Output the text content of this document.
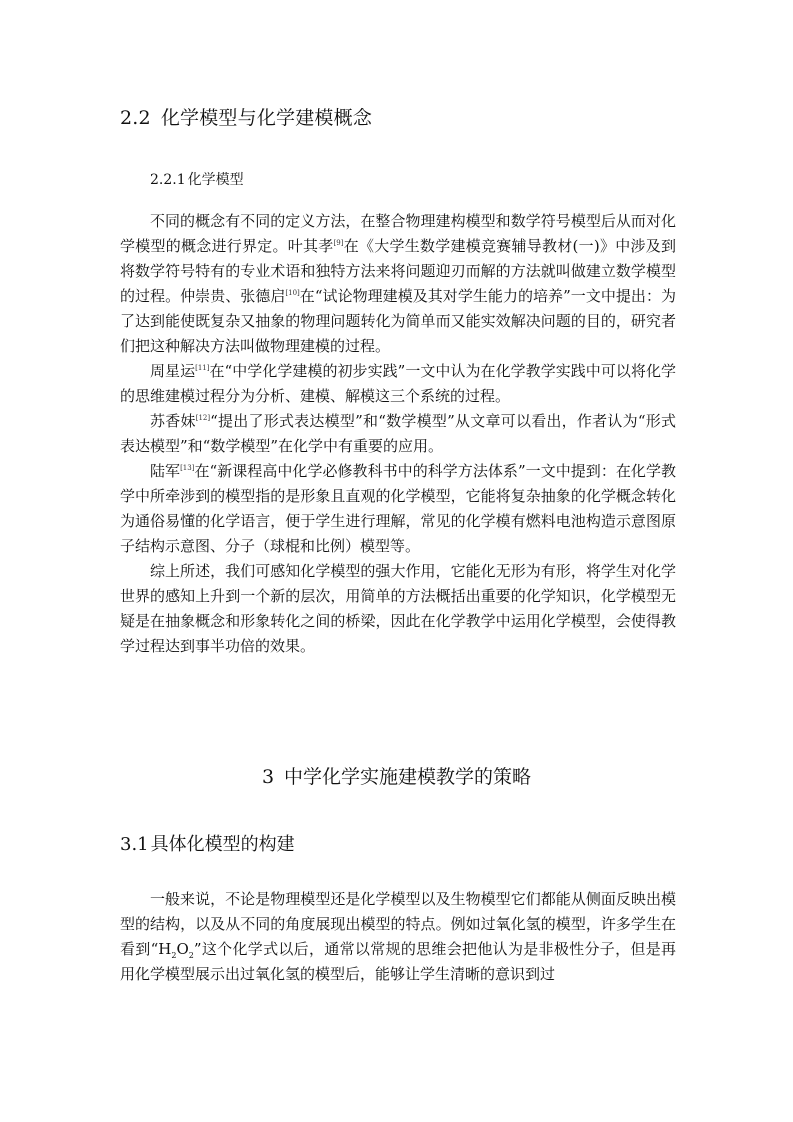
2.2 化学模型与化学建模概念
2.2.1 化学模型

不同的概念有不同的定义方法，在整合物理建构模型和数学符号模型后从而对化学模型的概念进行界定。叶其孝[9]在《大学生数学建模竞赛辅导教材(一)》中涉及到将数学符号特有的专业术语和独特方法来将问题迎刃而解的方法就叫做建立数学模型的过程。仲崇贵、张德启[10]在“试论物理建模及其对学生能力的培养”一文中提出：为了达到能使既复杂又抽象的物理问题转化为简单而又能实效解决问题的目的，研究者们把这种解决方法叫做物理建模的过程。

周星运[11]在“中学化学建模的初步实践”一文中认为在化学教学实践中可以将化学的思维建模过程分为分析、建模、解模这三个系统的过程。

苏香妹[12]“提出了形式表达模型”和“数学模型”从文章可以看出，作者认为“形式表达模型”和“数学模型”在化学中有重要的应用。

陆军[13]在“新课程高中化学必修教科书中的科学方法体系”一文中提到：在化学教学中所牵涉到的模型指的是形象且直观的化学模型，它能将复杂抽象的化学概念转化为通俗易懂的化学语言，便于学生进行理解，常见的化学模有燃料电池构造示意图原子结构示意图、分子（球棍和比例）模型等。

综上所述，我们可感知化学模型的强大作用，它能化无形为有形，将学生对化学世界的感知上升到一个新的层次，用简单的方法概括出重要的化学知识，化学模型无疑是在抽象概念和形象转化之间的桥梁，因此在化学教学中运用化学模型，会使得教学过程达到事半功倍的效果。

3 中学化学实施建模教学的策略
3.1 具体化模型的构建

一般来说，不论是物理模型还是化学模型以及生物模型它们都能从侧面反映出模型的结构，以及从不同的角度展现出模型的特点。例如过氧化氢的模型，许多学生在看到“$H_2O_2$”这个化学式以后，通常以常规的思维会把他认为是非极性分子，但是再用化学模型展示出过氧化氢的模型后，能够让学生清晰的意识到过
